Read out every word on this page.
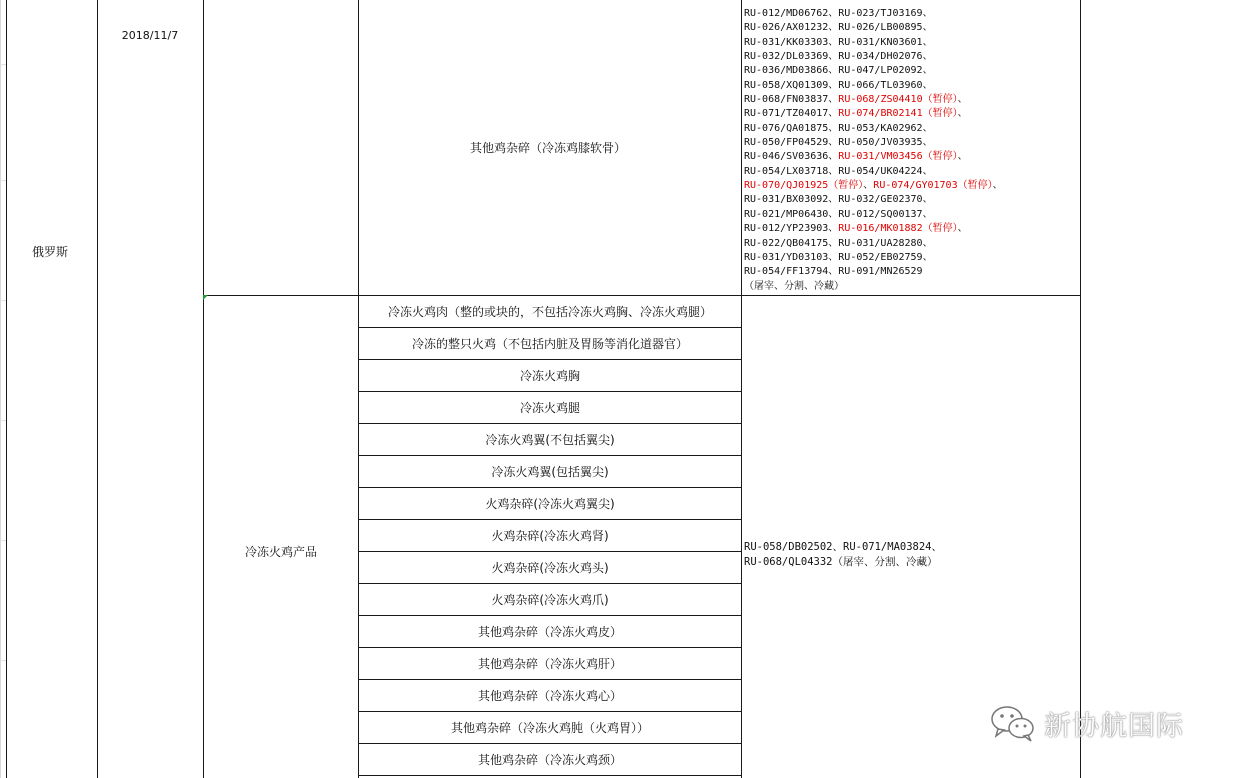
俄罗斯
2018/11/7
其他鸡杂碎（冷冻鸡膝软骨）
RU-012/MD06762、RU-023/TJ03169、
RU-026/AX01232、RU-026/LB00895、
RU-031/KK03303、RU-031/KN03601、
RU-032/DL03369、RU-034/DH02076、
RU-036/MD03866、RU-047/LP02092、
RU-058/XQ01309、RU-066/TL03960、
RU-068/FN03837、RU-068/ZS04410（暂停）、
RU-071/TZ04017、RU-074/BR02141（暂停）、
RU-076/QA01875、RU-053/KA02962、
RU-050/FP04529、RU-050/JV03935、
RU-046/SV03636、RU-031/VM03456（暂停）、
RU-054/LX03718、RU-054/UK04224、
RU-070/QJ01925（暂停）、RU-074/GY01703（暂停）、
RU-031/BX03092、RU-032/GE02370、
RU-021/MP06430、RU-012/SQ00137、
RU-012/YP23903、RU-016/MK01882（暂停）、
RU-022/QB04175、RU-031/UA28280、
RU-031/YD03103、RU-052/EB02759、
RU-054/FF13794、RU-091/MN26529
（屠宰、分割、冷藏）
冷冻火鸡产品
冷冻火鸡肉（整的或块的，不包括冷冻火鸡胸、冷冻火鸡腿）
冷冻的整只火鸡（不包括内脏及胃肠等消化道器官）
冷冻火鸡胸
冷冻火鸡腿
冷冻火鸡翼(不包括翼尖)
冷冻火鸡翼(包括翼尖)
火鸡杂碎(冷冻火鸡翼尖)
火鸡杂碎(冷冻火鸡肾)
火鸡杂碎(冷冻火鸡头)
火鸡杂碎(冷冻火鸡爪)
其他鸡杂碎（冷冻火鸡皮）
其他鸡杂碎（冷冻火鸡肝）
其他鸡杂碎（冷冻火鸡心）
其他鸡杂碎（冷冻火鸡肫（火鸡胃））
其他鸡杂碎（冷冻火鸡颈）
RU-058/DB02502、RU-071/MA03824、
RU-068/QL04332（屠宰、分割、冷藏）
新协航国际
